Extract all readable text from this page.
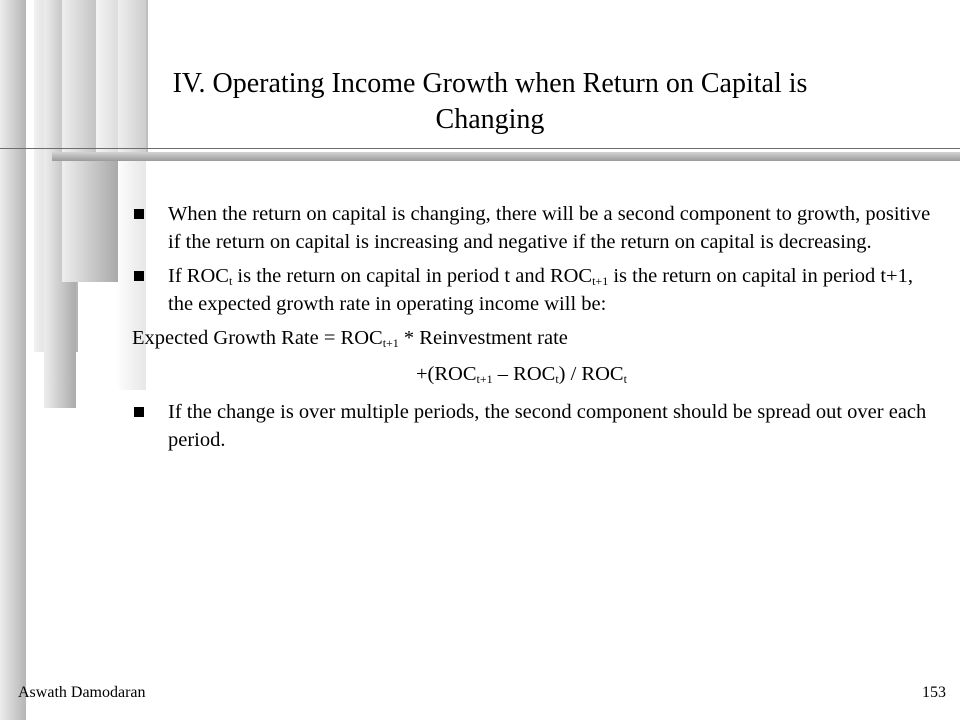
IV. Operating Income Growth when Return on Capital is
Changing
When the return on capital is changing, there will be a second component to growth, positive if the return on capital is increasing and negative if the return on capital is decreasing.
If $ROC_t$ is the return on capital in period t and $ROC_{t+1}$ is the return on capital in period t+1, the expected growth rate in operating income will be:
Expected Growth Rate = $ROC_{t+1}$ * Reinvestment rate
$+(ROC_{t+1} - ROC_t) / ROC_t$
If the change is over multiple periods, the second component should be spread out over each period.
Aswath Damodaran	153
